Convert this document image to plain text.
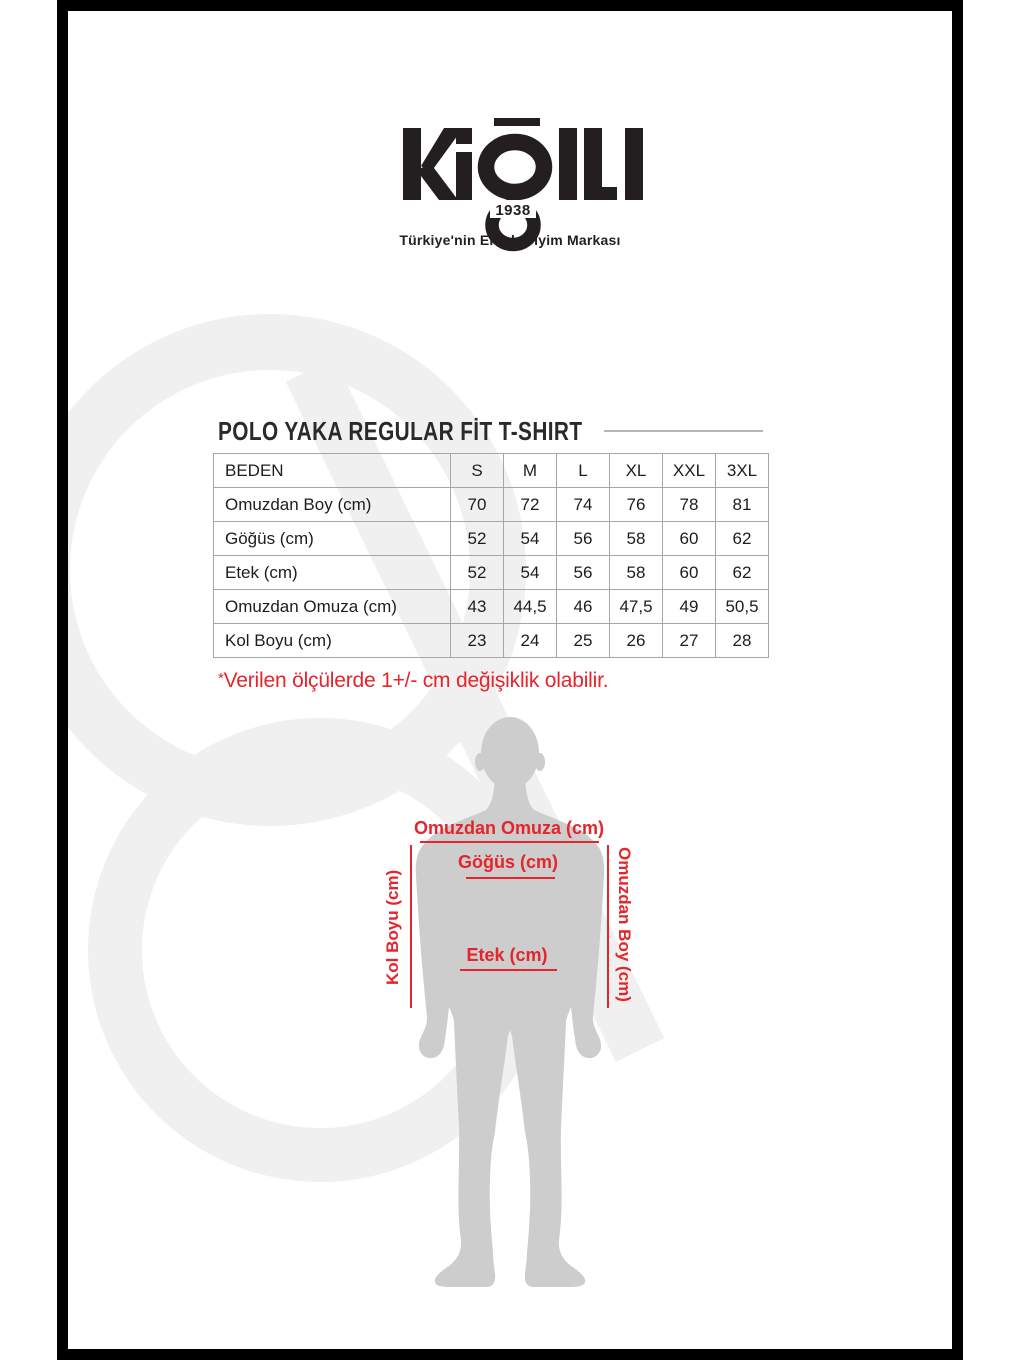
1938
Türkiye'nin Erkek Giyim Markası
POLO YAKA REGULAR FİT T-SHIRT
BEDEN	S	M	L	XL	XXL	3XL
Omuzdan Boy (cm)	70	72	74	76	78	81
Göğüs (cm)	52	54	56	58	60	62
Etek (cm)	52	54	56	58	60	62
Omuzdan Omuza (cm)	43	44,5	46	47,5	49	50,5
Kol Boyu (cm)	23	24	25	26	27	28
*Verilen ölçülerde 1+/- cm değişiklik olabilir.
Omuzdan Omuza (cm)
Göğüs (cm)
Etek (cm)
Kol Boyu (cm)	Omuzdan Boy (cm)
